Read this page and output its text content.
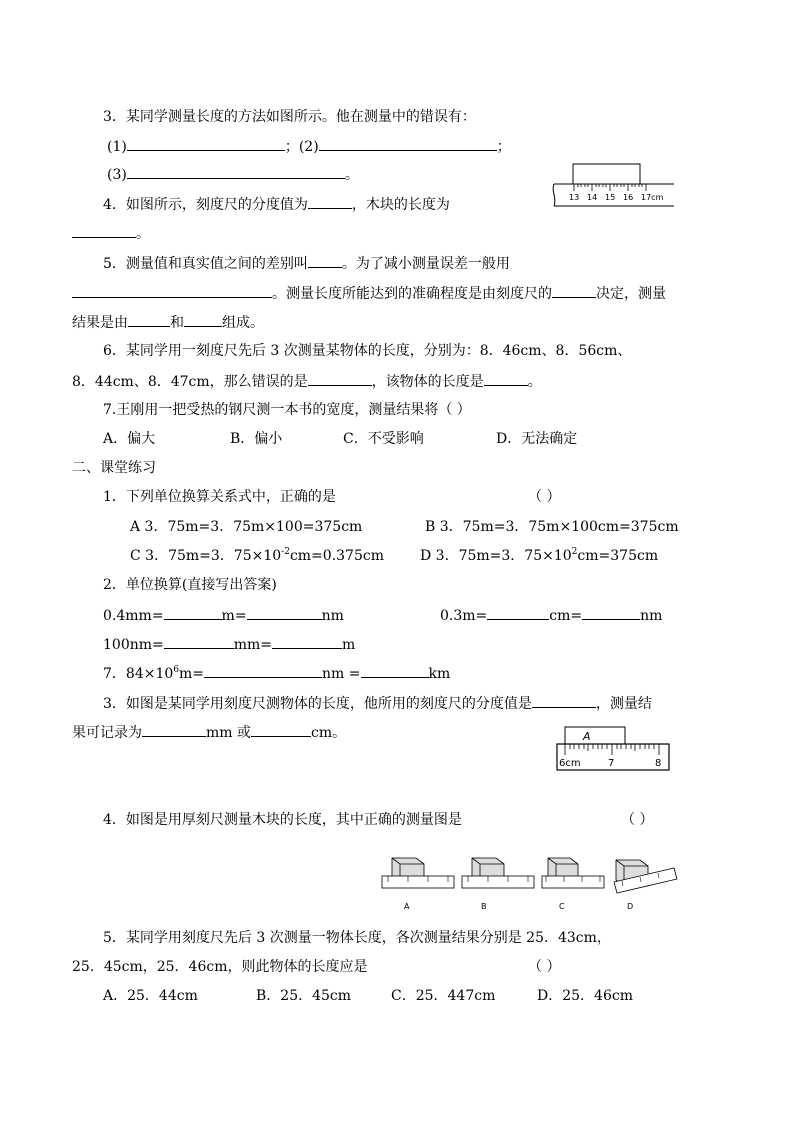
3．某同学测量长度的方法如图所示。他在测量中的错误有：
(1)	；(2)	；
(3)	。
13 14 15 16 17cm
4．如图所示，刻度尺的分度值为	，木块的长度为
。
5．测量值和真实值之间的差别叫 。为了减小测量误差一般用
。测量长度所能达到的准确程度是由刻度尺的	决定，测量
结果是由	和	组成。
6．某同学用一刻度尺先后 3 次测量某物体的长度，分别为：8．46cm、8．56cm、
8．44cm、8．47cm，那么错误的是	，该物体的长度是	。
7.王刚用一把受热的钢尺测一本书的宽度，测量结果将（ ）
A．偏大	B．偏小	C．不受影响	D．无法确定
二、课堂练习
1．下列单位换算关系式中，正确的是	（ ）
A 3．75m=3．75m×100=375cm	B 3．75m=3．75m×100cm=375cm
C 3．75m=3．$75\times 10^{-2}cm=0.375cm$	D 3．75m=3．$75\times 10^2cm=375cm$
2．单位换算(直接写出答案)
0.4mm=	m=	nm	0.3m=	cm=	nm
100nm=	mm=	m
7．$84\times 10^6m=$	nm =	km
3．如图是某同学用刻度尺测物体的长度，他所用的刻度尺的分度值是	，测量结
果可记录为	mm 或	cm。	A
6cm	7	8
4．如图是用厚刻尺测量木块的长度，其中正确的测量图是	（ ）
A	B	C	D
5．某同学用刻度尺先后 3 次测量一物体长度，各次测量结果分别是 25．43cm，
25．45cm，25．46cm，则此物体的长度应是	（ ）
A．25．44cm	B．25．45cm	C．25．447cm	D．25．46cm
